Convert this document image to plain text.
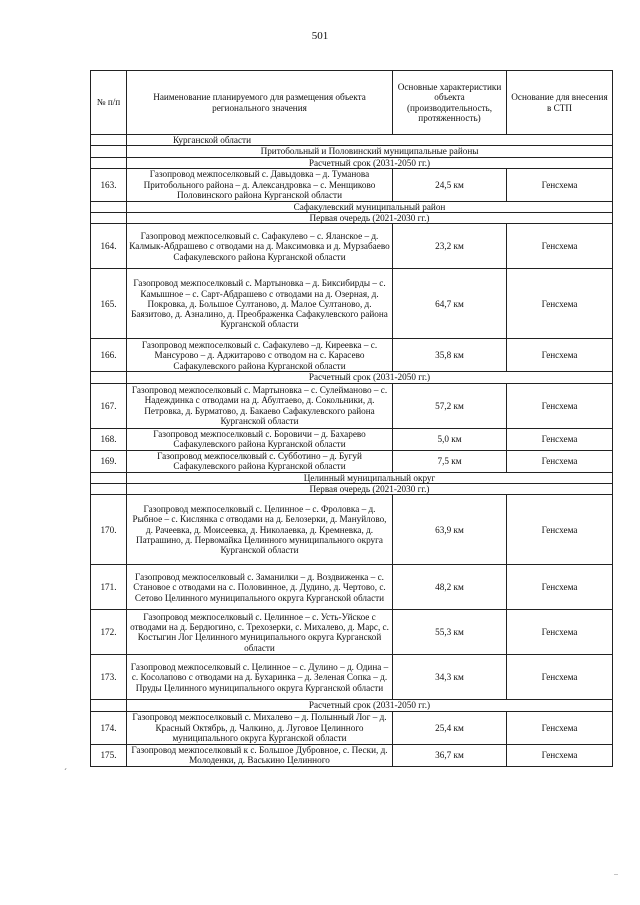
501
№ п/п	Наименование планируемого для размещения объекта регионального значения	Основные характеристики объекта (производительность, протяженность)	Основание для внесения в СТП
	Курганской области		
	Притобольный и Половинский муниципальные районы		
	Расчетный срок (2031-2050 гг.)		
163.	Газопровод межпоселковый с. Давыдовка – д. Туманова Притобольного района – д. Александровка – с. Менщиково Половинского района Курганской области	24,5 км	Генсхема
	Сафакулевский муниципальный район		
	Первая очередь (2021-2030 гг.)		
164.	Газопровод межпоселковый с. Сафакулево – с. Яланское – д. Калмык-Абдрашево с отводами на д. Максимовка и д. Мурзабаево Сафакулевского района Курганской области	23,2 км	Генсхема
165.	Газопровод межпоселковый с. Мартыновка – д. Биксибирды – с. Камышное – с. Сарт-Абдрашево с отводами на д. Озерная, д. Покровка, д. Большое Султаново, д. Малое Султаново, д. Баязитово, д. Азналино, д. Преображенка Сафакулевского района Курганской области	64,7 км	Генсхема
166.	Газопровод межпоселковый с. Сафакулево –д. Киреевка – с. Мансурово – д. Аджитарово с отводом на с. Карасево Сафакулевского района Курганской области	35,8 км	Генсхема
	Расчетный срок (2031-2050 гг.)		
167.	Газопровод межпоселковый с. Мартыновка – с. Сулейманово – с. Надеждинка с отводами на д. Абултаево, д. Сокольники, д. Петровка, д. Бурматово, д. Бакаево Сафакулевского района Курганской области	57,2 км	Генсхема
168.	Газопровод межпоселковый с. Боровичи – д. Бахарево Сафакулевского района Курганской области	5,0 км	Генсхема
169.	Газопровод межпоселковый с. Субботино – д. Бугуй Сафакулевского района Курганской области	7,5 км	Генсхема
	Целинный муниципальный округ		
	Первая очередь (2021-2030 гг.)		
170.	Газопровод межпоселковый с. Целинное – с. Фроловка – д. Рыбное – с. Кислянка с отводами на д. Белозерки, д. Мануйлово, д. Рачеевка, д. Моисеевка, д. Николаевка, д. Кремневка, д. Патрашино, д. Первомайка Целинного муниципального округа Курганской области	63,9 км	Генсхема
171.	Газопровод межпоселковый с. Заманилки – д. Воздвиженка – с. Становое с отводами на с. Половинное, д. Дудино, д. Чертово, с. Сетово Целинного муниципального округа Курганской области	48,2 км	Генсхема
172.	Газопровод межпоселковый с. Целинное – с. Усть-Уйское с отводами на д. Бердюгино, с. Трехозерки, с. Михалево, д. Марс, с. Костыгин Лог Целинного муниципального округа Курганской области	55,3 км	Генсхема
173.	Газопровод межпоселковый с. Целинное – с. Дулино – д. Одина – с. Косолапово с отводами на д. Бухаринка – д. Зеленая Сопка – д. Пруды Целинного муниципального округа Курганской области	34,3 км	Генсхема
	Расчетный срок (2031-2050 гг.)		
174.	Газопровод межпоселковый с. Михалево – д. Полынный Лог – д. Красный Октябрь, д. Чалкино, д. Луговое Целинного муниципального округа Курганской области	25,4 км	Генсхема
175.	Газопровод межпоселковый к с. Большое Дубровное, с. Пески, д. Молоденки, д. Васькино Целинного	36,7 км	Генсхема
ˊ
..
